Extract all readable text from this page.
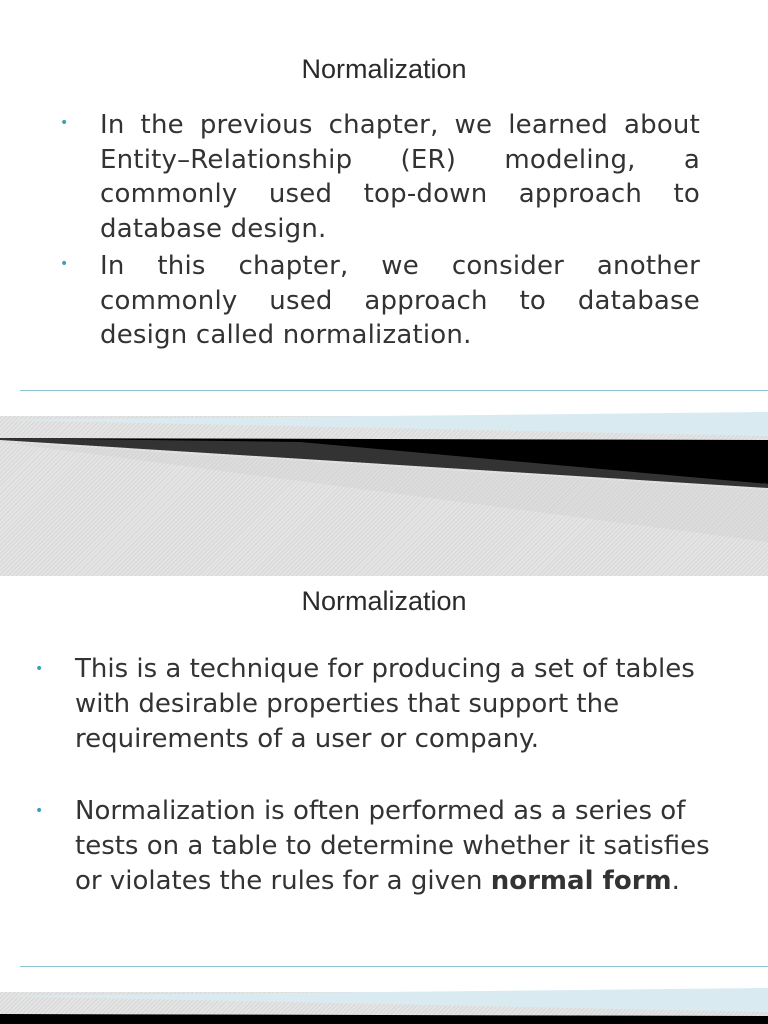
Normalization
• In the previous chapter, we learned about Entity–Relationship (ER) modeling, a commonly used top-down approach to database design.
• In this chapter, we consider another commonly used approach to database design called normalization.
Normalization
• This is a technique for producing a set of tables with desirable properties that support the requirements of a user or company.
• Normalization is often performed as a series of tests on a table to determine whether it satisfies or violates the rules for a given normal form.
